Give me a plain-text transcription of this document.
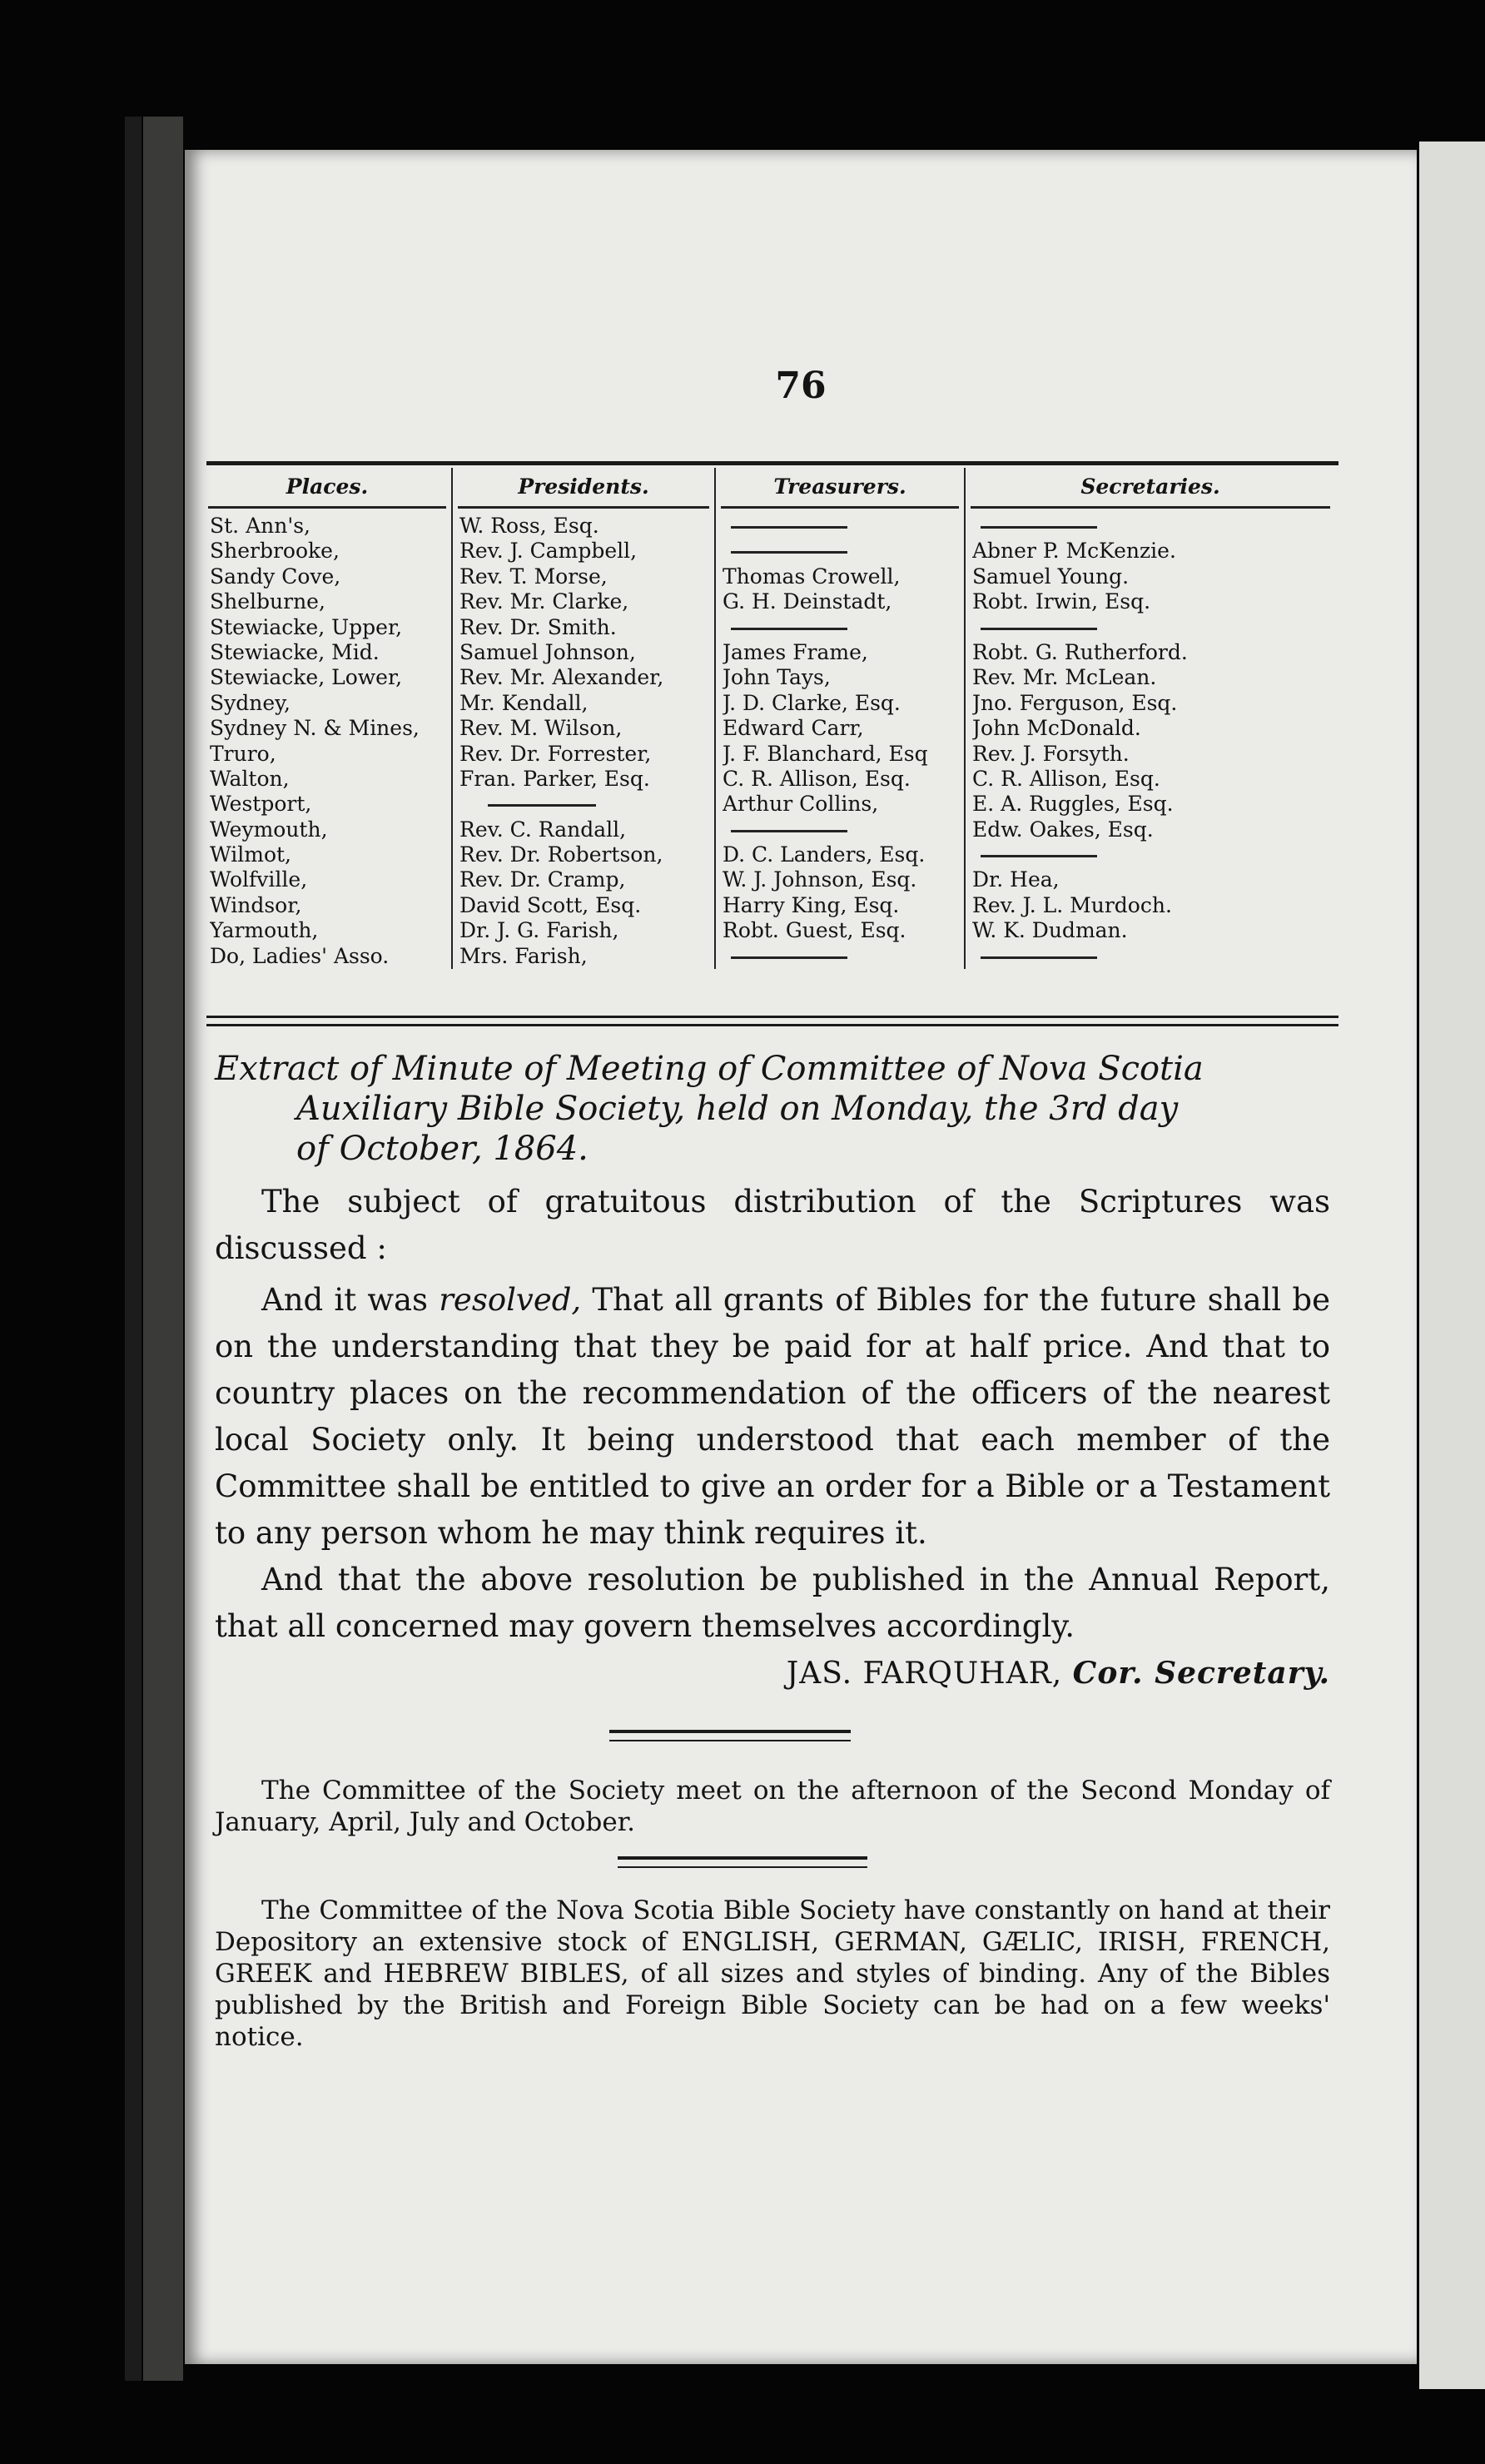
76
Places.
St. Ann's,
Sherbrooke,
Sandy Cove,
Shelburne,
Stewiacke, Upper,
Stewiacke, Mid.
Stewiacke, Lower,
Sydney,
Sydney N. & Mines,
Truro,
Walton,
Westport,
Weymouth,
Wilmot,
Wolfville,
Windsor,
Yarmouth,
Do, Ladies' Asso.
Presidents.
W. Ross, Esq.
Rev. J. Campbell,
Rev. T. Morse,
Rev. Mr. Clarke,
Rev. Dr. Smith.
Samuel Johnson,
Rev. Mr. Alexander,
Mr. Kendall,
Rev. M. Wilson,
Rev. Dr. Forrester,
Fran. Parker, Esq.
Rev. C. Randall,
Rev. Dr. Robertson,
Rev. Dr. Cramp,
David Scott, Esq.
Dr. J. G. Farish,
Mrs. Farish,
Treasurers.
Thomas Crowell,
G. H. Deinstadt,
James Frame,
John Tays,
J. D. Clarke, Esq.
Edward Carr,
J. F. Blanchard, Esq
C. R. Allison, Esq.
Arthur Collins,
D. C. Landers, Esq.
W. J. Johnson, Esq.
Harry King, Esq.
Robt. Guest, Esq.
Secretaries.
Abner P. McKenzie.
Samuel Young.
Robt. Irwin, Esq.
Robt. G. Rutherford.
Rev. Mr. McLean.
Jno. Ferguson, Esq.
John McDonald.
Rev. J. Forsyth.
C. R. Allison, Esq.
E. A. Ruggles, Esq.
Edw. Oakes, Esq.
Dr. Hea,
Rev. J. L. Murdoch.
W. K. Dudman.
Extract of Minute of Meeting of Committee of Nova Scotia
Auxiliary Bible Society, held on Monday, the 3rd day
of October, 1864.
The subject of gratuitous distribution of the Scriptures was discussed :
And it was resolved, That all grants of Bibles for the future shall be on the understanding that they be paid for at half price. And that to country places on the recommendation of the officers of the nearest local Society only. It being understood that each member of the Committee shall be entitled to give an order for a Bible or a Testament to any person whom he may think requires it.
And that the above resolution be published in the Annual Report, that all concerned may govern themselves accordingly.
JAS. FARQUHAR, Cor. Secretary.
The Committee of the Society meet on the afternoon of the Second Monday of January, April, July and October.
The Committee of the Nova Scotia Bible Society have constantly on hand at their Depository an extensive stock of ENGLISH, GERMAN, GÆLIC, IRISH, FRENCH, GREEK and HEBREW BIBLES, of all sizes and styles of binding. Any of the Bibles published by the British and Foreign Bible Society can be had on a few weeks' notice.
